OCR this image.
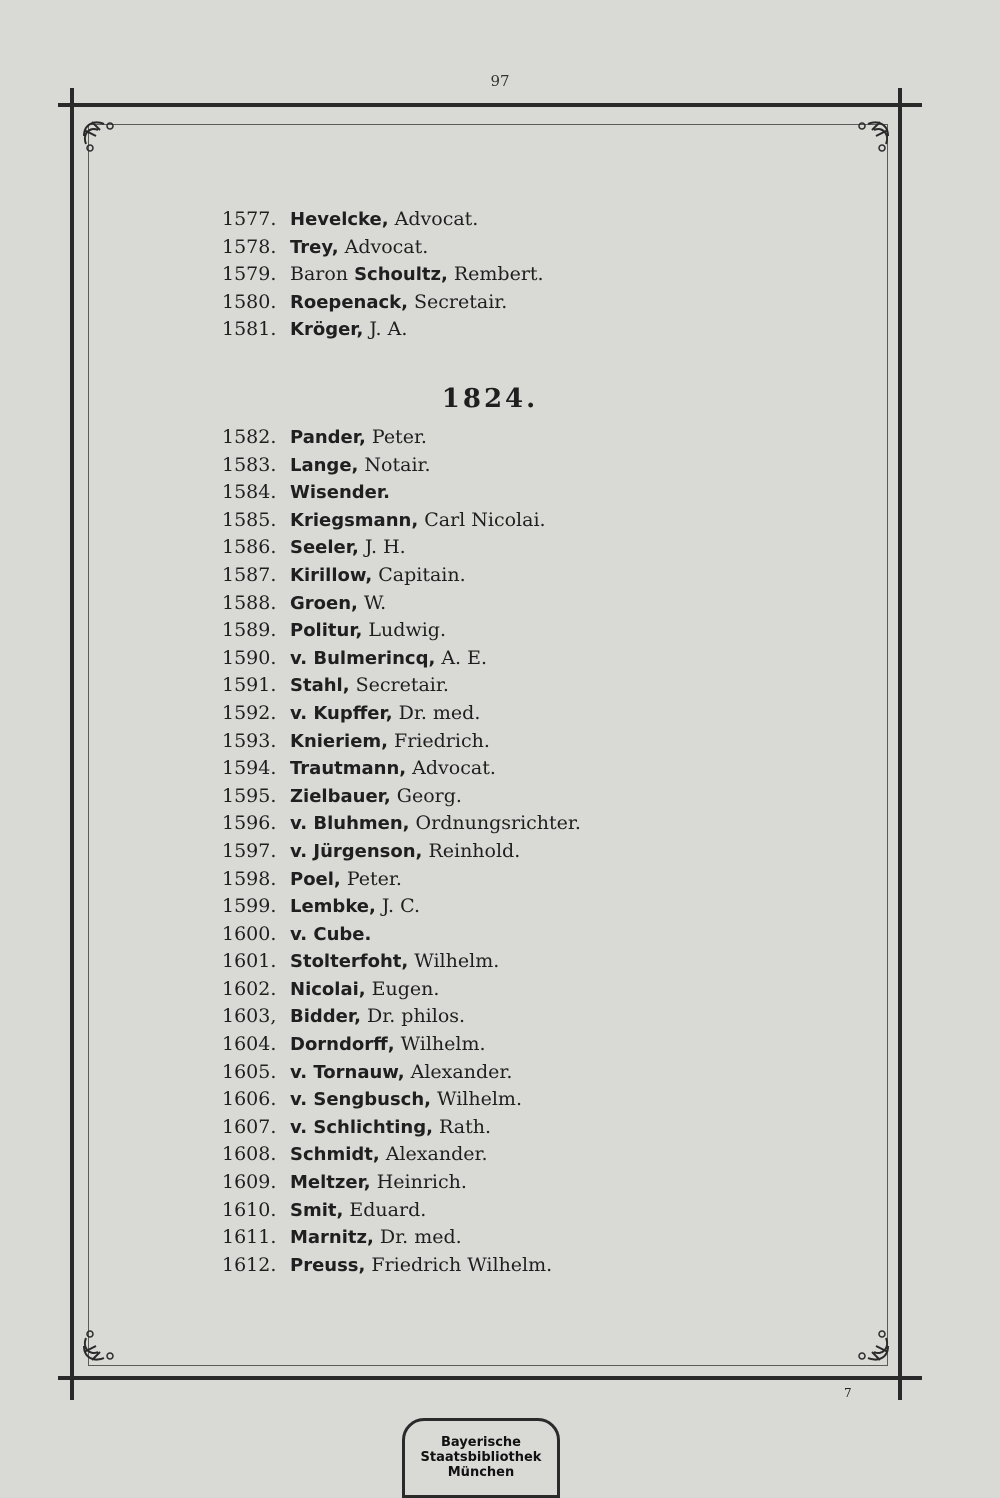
97
1577. Hevelcke, Advocat.
1578. Trey, Advocat.
1579. Baron Schoultz, Rembert.
1580. Roepenack, Secretair.
1581. Kröger, J. A.
1824.
1582. Pander, Peter.
1583. Lange, Notair.
1584. Wisender.
1585. Kriegsmann, Carl Nicolai.
1586. Seeler, J. H.
1587. Kirillow, Capitain.
1588. Groen, W.
1589. Politur, Ludwig.
1590. v. Bulmerincq, A. E.
1591. Stahl, Secretair.
1592. v. Kupffer, Dr. med.
1593. Knieriem, Friedrich.
1594. Trautmann, Advocat.
1595. Zielbauer, Georg.
1596. v. Bluhmen, Ordnungsrichter.
1597. v. Jürgenson, Reinhold.
1598. Poel, Peter.
1599. Lembke, J. C.
1600. v. Cube.
1601. Stolterfoht, Wilhelm.
1602. Nicolai, Eugen.
1603, Bidder, Dr. philos.
1604. Dorndorff, Wilhelm.
1605. v. Tornauw, Alexander.
1606. v. Sengbusch, Wilhelm.
1607. v. Schlichting, Rath.
1608. Schmidt, Alexander.
1609. Meltzer, Heinrich.
1610. Smit, Eduard.
1611. Marnitz, Dr. med.
1612. Preuss, Friedrich Wilhelm.
7
Bayerische
Staatsbibliothek
München
